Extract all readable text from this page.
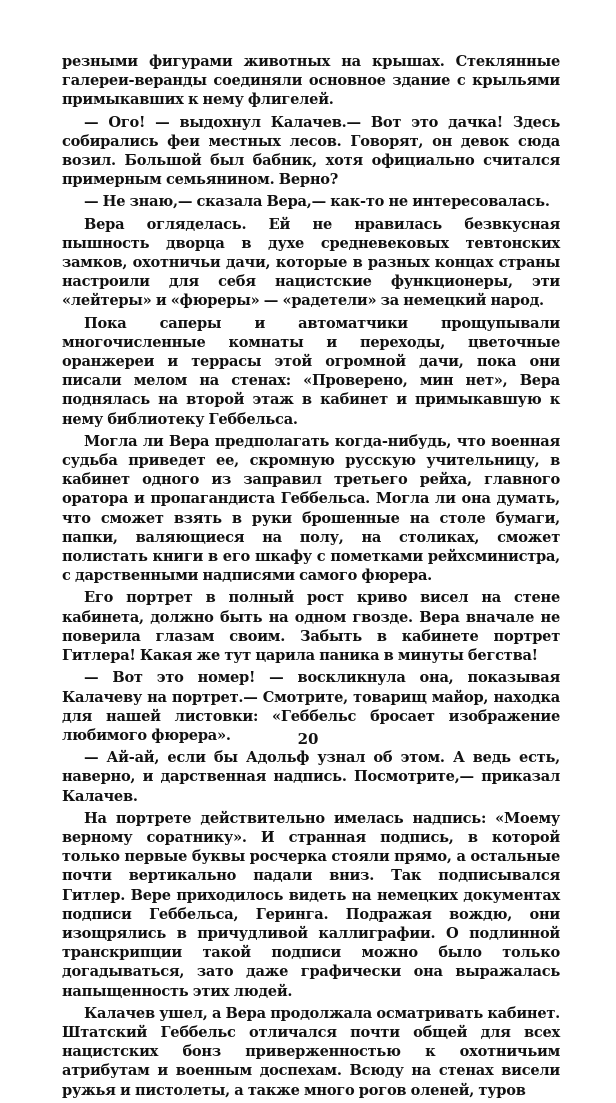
резными фигурами животных на крышах. Стеклянные галереи-веранды соединяли основное здание с крыльями примыкавших к нему флигелей.

— Ого! — выдохнул Калачев.— Вот это дачка! Здесь собирались феи местных лесов. Говорят, он девок сюда возил. Большой был бабник, хотя официально считался примерным семьянином. Верно?

— Не знаю,— сказала Вера,— как-то не интересовалась.

Вера огляделась. Ей не нравилась безвкусная пышность дворца в духе средневековых тевтонских замков, охотничьи дачи, которые в разных концах страны настроили для себя нацистские функционеры, эти «лейтеры» и «фюреры» — «радетели» за немецкий народ.

Пока саперы и автоматчики прощупывали многочисленные комнаты и переходы, цветочные оранжереи и террасы этой огромной дачи, пока они писали мелом на стенах: «Проверено, мин нет», Вера поднялась на второй этаж в кабинет и примыкавшую к нему библиотеку Геббельса.

Могла ли Вера предполагать когда-нибудь, что военная судьба приведет ее, скромную русскую учительницу, в кабинет одного из заправил третьего рейха, главного оратора и пропагандиста Геббельса. Могла ли она думать, что сможет взять в руки брошенные на столе бумаги, папки, валяющиеся на полу, на столиках, сможет полистать книги в его шкафу с пометками рейхсминистра, с дарственными надписями самого фюрера.

Его портрет в полный рост криво висел на стене кабинета, должно быть на одном гвозде. Вера вначале не поверила глазам своим. Забыть в кабинете портрет Гитлера! Какая же тут царила паника в минуты бегства!

— Вот это номер! — воскликнула она, показывая Калачеву на портрет.— Смотрите, товарищ майор, находка для нашей листовки: «Геббельс бросает изображение любимого фюрера».

— Ай-ай, если бы Адольф узнал об этом. А ведь есть, наверно, и дарственная надпись. Посмотрите,— приказал Калачев.

На портрете действительно имелась надпись: «Моему верному соратнику». И странная подпись, в которой только первые буквы росчерка стояли прямо, а остальные почти вертикально падали вниз. Так подписывался Гитлер. Вере приходилось видеть на немецких документах подписи Геббельса, Геринга. Подражая вождю, они изощрялись в причудливой каллиграфии. О подлинной транскрипции такой подписи можно было только догадываться, зато даже графически она выражалась напыщенность этих людей.

Калачев ушел, а Вера продолжала осматривать кабинет. Штатский Геббельс отличался почти общей для всех нацистских бонз приверженностью к охотничьим атрибутам и военным доспехам. Всюду на стенах висели ружья и пистолеты, а также много рогов оленей, туров

20
